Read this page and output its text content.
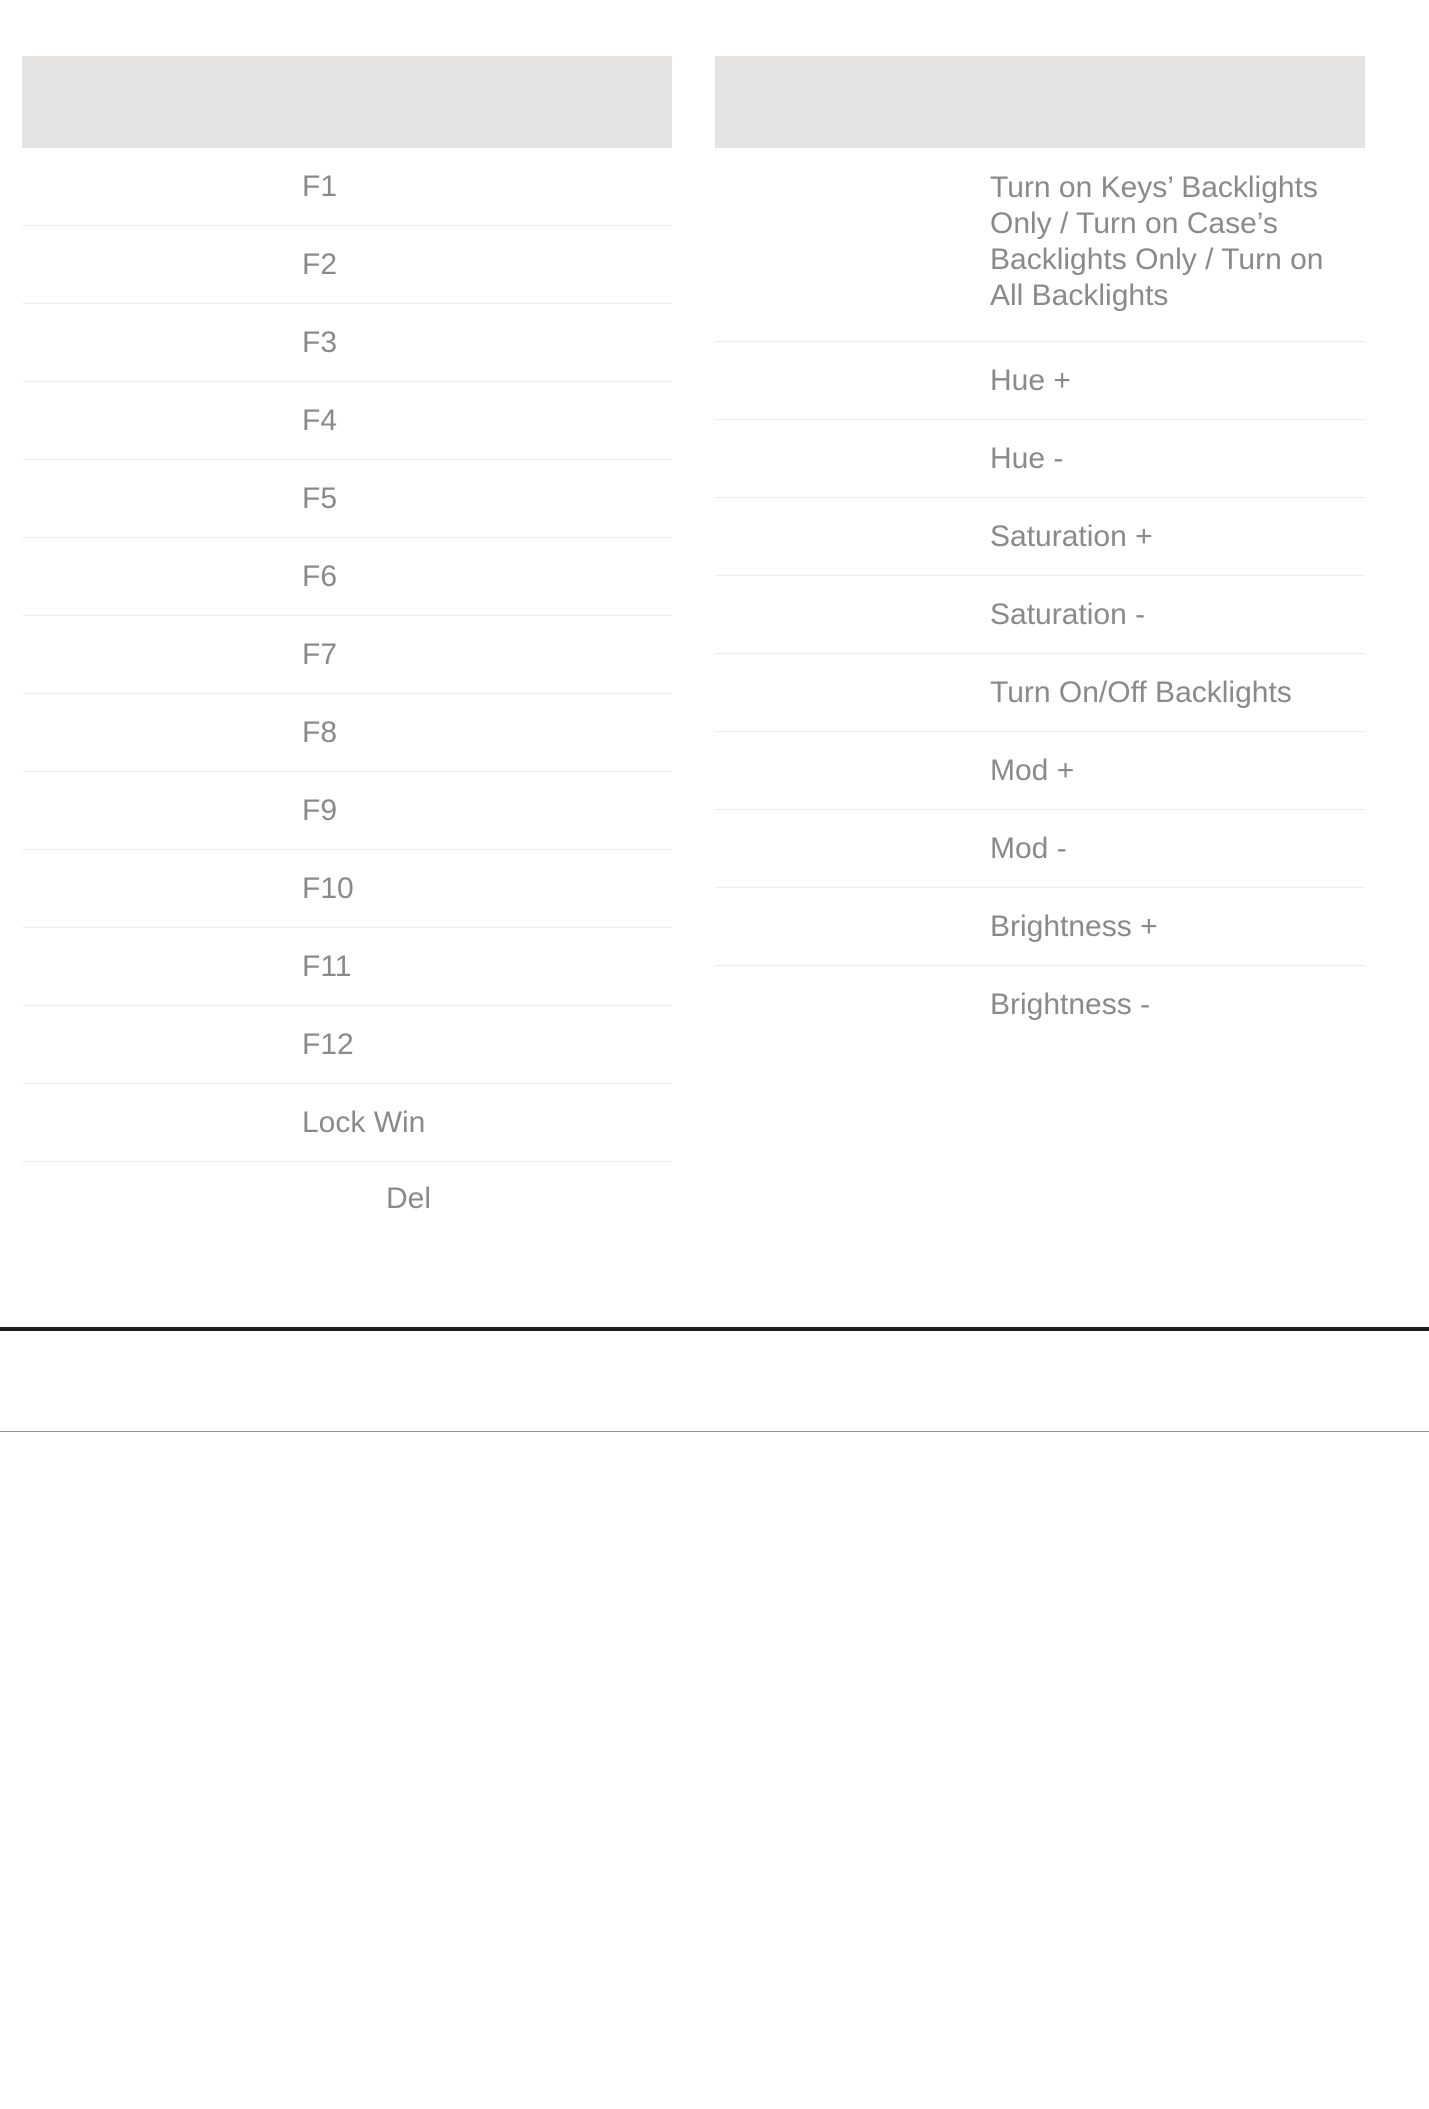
F1
F2
F3
F4
F5
F6
F7
F8
F9
F10
F11
F12
Lock Win
Del
Turn on Keys’ Backlights Only / Turn on Case’s Backlights Only / Turn on All Backlights
Hue +
Hue -
Saturation +
Saturation -
Turn On/Off Backlights
Mod +
Mod -
Brightness +
Brightness -
